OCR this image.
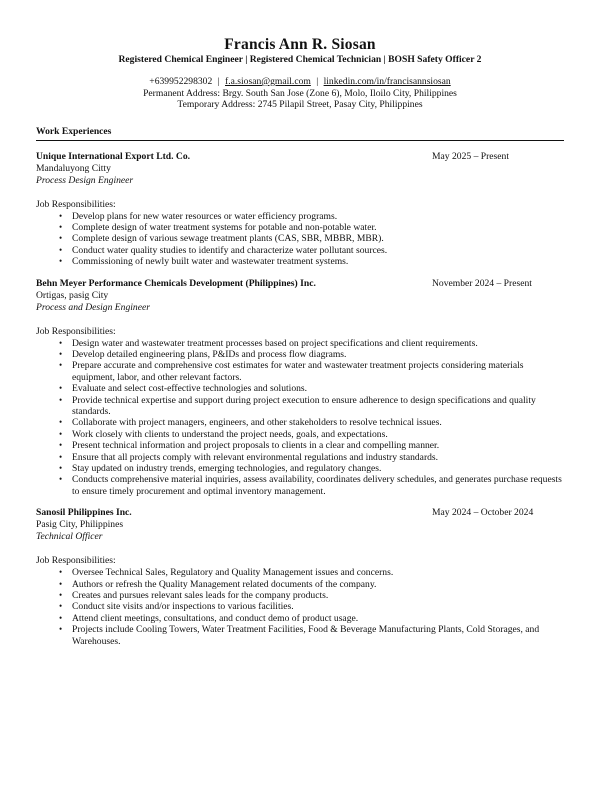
Francis Ann R. Siosan
Registered Chemical Engineer | Registered Chemical Technician | BOSH Safety Officer 2
+639952298302 | f.a.siosan@gmail.com | linkedin.com/in/francisannsiosan
Permanent Address: Brgy. South San Jose (Zone 6), Molo, Iloilo City, Philippines
Temporary Address: 2745 Pilapil Street, Pasay City, Philippines
Work Experiences
Unique International Export Ltd. Co.	May 2025 – Present
Mandaluyong Citty
Process Design Engineer
Job Responsibilities:
• Develop plans for new water resources or water efficiency programs.
• Complete design of water treatment systems for potable and non-potable water.
• Complete design of various sewage treatment plants (CAS, SBR, MBBR, MBR).
• Conduct water quality studies to identify and characterize water pollutant sources.
• Commissioning of newly built water and wastewater treatment systems.
Behn Meyer Performance Chemicals Development (Philippines) Inc.	November 2024 – Present
Ortigas, pasig City
Process and Design Engineer
Job Responsibilities:
• Design water and wastewater treatment processes based on project specifications and client requirements.
• Develop detailed engineering plans, P&IDs and process flow diagrams.
• Prepare accurate and comprehensive cost estimates for water and wastewater treatment projects considering materials equipment, labor, and other relevant factors.
• Evaluate and select cost-effective technologies and solutions.
• Provide technical expertise and support during project execution to ensure adherence to design specifications and quality standards.
• Collaborate with project managers, engineers, and other stakeholders to resolve technical issues.
• Work closely with clients to understand the project needs, goals, and expectations.
• Present technical information and project proposals to clients in a clear and compelling manner.
• Ensure that all projects comply with relevant environmental regulations and industry standards.
• Stay updated on industry trends, emerging technologies, and regulatory changes.
• Conducts comprehensive material inquiries, assess availability, coordinates delivery schedules, and generates purchase requests to ensure timely procurement and optimal inventory management.
Sanosil Philippines Inc.	May 2024 – October 2024
Pasig City, Philippines
Technical Officer
Job Responsibilities:
• Oversee Technical Sales, Regulatory and Quality Management issues and concerns.
• Authors or refresh the Quality Management related documents of the company.
• Creates and pursues relevant sales leads for the company products.
• Conduct site visits and/or inspections to various facilities.
• Attend client meetings, consultations, and conduct demo of product usage.
• Projects include Cooling Towers, Water Treatment Facilities, Food & Beverage Manufacturing Plants, Cold Storages, and Warehouses.
